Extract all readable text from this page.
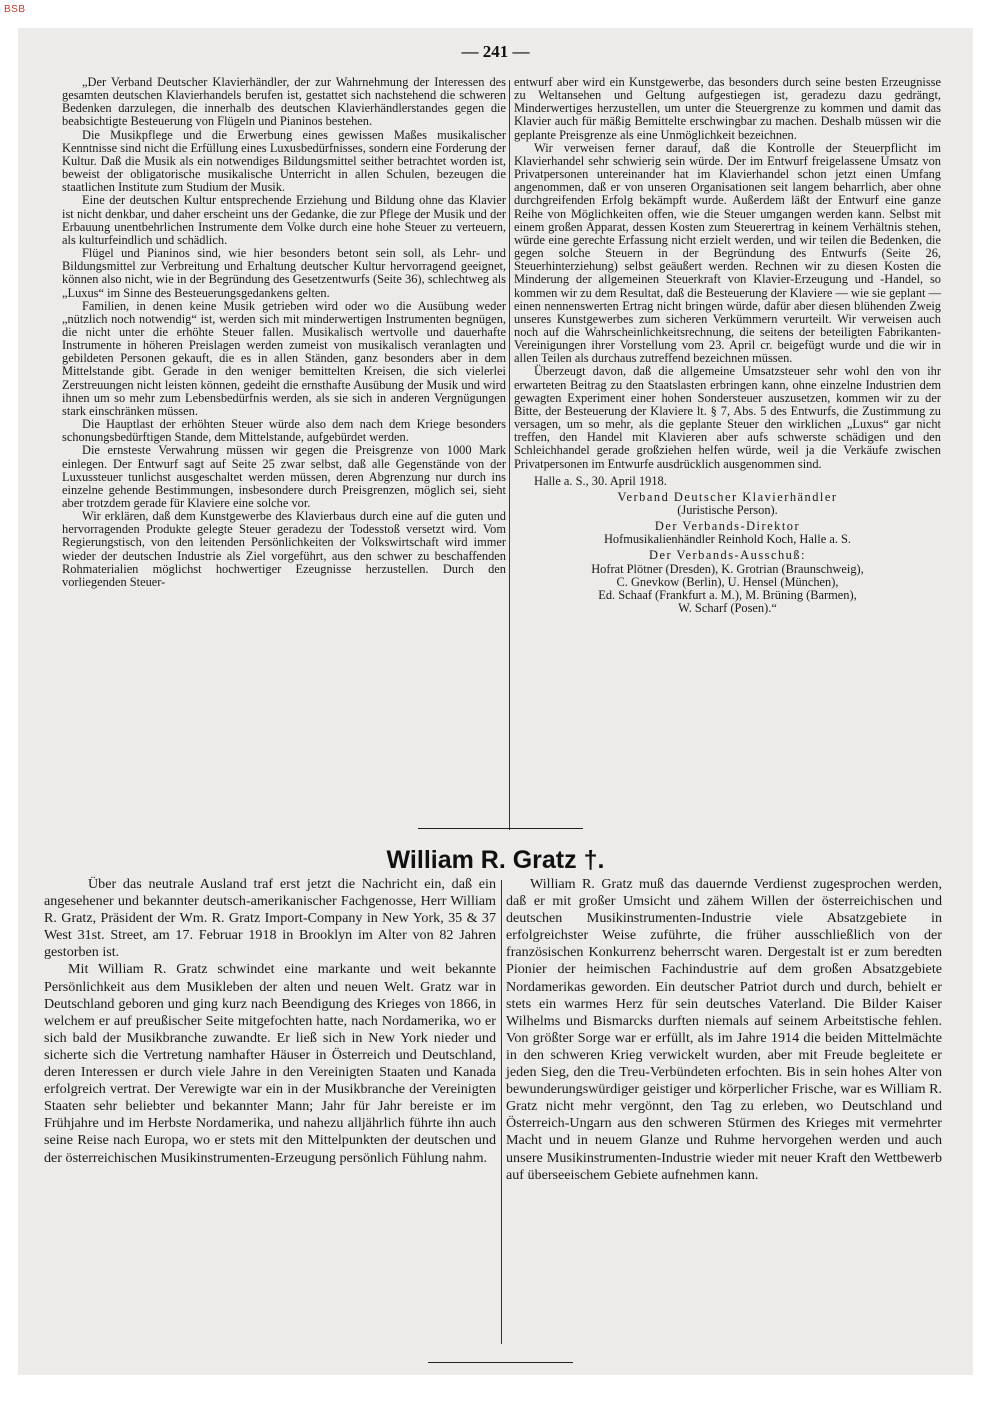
BSB
— 241 —

„Der Verband Deutscher Klavierhändler, der zur Wahrnehmung der Interessen des gesamten deutschen Klavierhandels berufen ist, gestattet sich nachstehend die schweren Bedenken darzulegen, die innerhalb des deutschen Klavierhändlerstandes gegen die beabsichtigte Besteuerung von Flügeln und Pianinos bestehen.

Die Musikpflege und die Erwerbung eines gewissen Maßes musikalischer Kenntnisse sind nicht die Erfüllung eines Luxusbedürfnisses, sondern eine Forderung der Kultur. Daß die Musik als ein notwendiges Bildungsmittel seither betrachtet worden ist, beweist der obligatorische musikalische Unterricht in allen Schulen, bezeugen die staatlichen Institute zum Studium der Musik.

Eine der deutschen Kultur entsprechende Erziehung und Bildung ohne das Klavier ist nicht denkbar, und daher erscheint uns der Gedanke, die zur Pflege der Musik und der Erbauung unentbehrlichen Instrumente dem Volke durch eine hohe Steuer zu verteuern, als kulturfeindlich und schädlich.

Flügel und Pianinos sind, wie hier besonders betont sein soll, als Lehr- und Bildungsmittel zur Verbreitung und Erhaltung deutscher Kultur hervorragend geeignet, können also nicht, wie in der Begründung des Gesetzentwurfs (Seite 36), schlechtweg als „Luxus“ im Sinne des Besteuerungsgedankens gelten.

Familien, in denen keine Musik getrieben wird oder wo die Ausübung weder „nützlich noch notwendig“ ist, werden sich mit minderwertigen Instrumenten begnügen, die nicht unter die erhöhte Steuer fallen. Musikalisch wertvolle und dauerhafte Instrumente in höheren Preislagen werden zumeist von musikalisch veranlagten und gebildeten Personen gekauft, die es in allen Ständen, ganz besonders aber in dem Mittelstande gibt. Gerade in den weniger bemittelten Kreisen, die sich vielerlei Zerstreuungen nicht leisten können, gedeiht die ernsthafte Ausübung der Musik und wird ihnen um so mehr zum Lebensbedürfnis werden, als sie sich in anderen Vergnügungen stark einschränken müssen.

Die Hauptlast der erhöhten Steuer würde also dem nach dem Kriege besonders schonungsbedürftigen Stande, dem Mittelstande, aufgebürdet werden.

Die ernsteste Verwahrung müssen wir gegen die Preisgrenze von 1000 Mark einlegen. Der Entwurf sagt auf Seite 25 zwar selbst, daß alle Gegenstände von der Luxussteuer tunlichst ausgeschaltet werden müssen, deren Abgrenzung nur durch ins einzelne gehende Bestimmungen, insbesondere durch Preisgrenzen, möglich sei, sieht aber trotzdem gerade für Klaviere eine solche vor.

Wir erklären, daß dem Kunstgewerbe des Klavierbaus durch eine auf die guten und hervorragenden Produkte gelegte Steuer geradezu der Todesstoß versetzt wird. Vom Regierungstisch, von den leitenden Persönlichkeiten der Volkswirtschaft wird immer wieder der deutschen Industrie als Ziel vorgeführt, aus den schwer zu beschaffenden Rohmaterialien möglichst hochwertiger Ezeugnisse herzustellen. Durch den vorliegenden Steuer-

entwurf aber wird ein Kunstgewerbe, das besonders durch seine besten Erzeugnisse zu Weltansehen und Geltung aufgestiegen ist, geradezu dazu gedrängt, Minderwertiges herzustellen, um unter die Steuergrenze zu kommen und damit das Klavier auch für mäßig Bemittelte erschwingbar zu machen. Deshalb müssen wir die geplante Preisgrenze als eine Unmöglichkeit bezeichnen.

Wir verweisen ferner darauf, daß die Kontrolle der Steuerpflicht im Klavierhandel sehr schwierig sein würde. Der im Entwurf freigelassene Umsatz von Privatpersonen untereinander hat im Klavierhandel schon jetzt einen Umfang angenommen, daß er von unseren Organisationen seit langem beharrlich, aber ohne durchgreifenden Erfolg bekämpft wurde. Außerdem läßt der Entwurf eine ganze Reihe von Möglichkeiten offen, wie die Steuer umgangen werden kann. Selbst mit einem großen Apparat, dessen Kosten zum Steuerertrag in keinem Verhältnis stehen, würde eine gerechte Erfassung nicht erzielt werden, und wir teilen die Bedenken, die gegen solche Steuern in der Begründung des Entwurfs (Seite 26, Steuerhinterziehung) selbst geäußert werden. Rechnen wir zu diesen Kosten die Minderung der allgemeinen Steuerkraft von Klavier-Erzeugung und -Handel, so kommen wir zu dem Resultat, daß die Besteuerung der Klaviere — wie sie geplant — einen nennenswerten Ertrag nicht bringen würde, dafür aber diesen blühenden Zweig unseres Kunstgewerbes zum sicheren Verkümmern verurteilt. Wir verweisen auch noch auf die Wahrscheinlichkeitsrechnung, die seitens der beteiligten Fabrikanten-Vereinigungen ihrer Vorstellung vom 23. April cr. beigefügt wurde und die wir in allen Teilen als durchaus zutreffend bezeichnen müssen.

Überzeugt davon, daß die allgemeine Umsatzsteuer sehr wohl den von ihr erwarteten Beitrag zu den Staatslasten erbringen kann, ohne einzelne Industrien dem gewagten Experiment einer hohen Sondersteuer auszusetzen, kommen wir zu der Bitte, der Besteuerung der Klaviere lt. § 7, Abs. 5 des Entwurfs, die Zustimmung zu versagen, um so mehr, als die geplante Steuer den wirklichen „Luxus“ gar nicht treffen, den Handel mit Klavieren aber aufs schwerste schädigen und den Schleichhandel gerade großziehen helfen würde, weil ja die Verkäufe zwischen Privatpersonen im Entwurfe ausdrücklich ausgenommen sind.

Halle a. S., 30. April 1918.

Verband Deutscher Klavierhändler

(Juristische Person).

Der Verbands-Direktor

Hofmusikalienhändler Reinhold Koch, Halle a. S.

Der Verbands-Ausschuß:

Hofrat Plötner (Dresden), K. Grotrian (Braunschweig),

C. Gnevkow (Berlin), U. Hensel (München),

Ed. Schaaf (Frankfurt a. M.), M. Brüning (Barmen),

W. Scharf (Posen).“

William R. Gratz †.

Über das neutrale Ausland traf erst jetzt die Nachricht ein, daß ein angesehener und bekannter deutsch-amerikanischer Fachgenosse, Herr William R. Gratz, Präsident der Wm. R. Gratz Import-Company in New York, 35 & 37 West 31st. Street, am 17. Februar 1918 in Brooklyn im Alter von 82 Jahren gestorben ist.

Mit William R. Gratz schwindet eine markante und weit bekannte Persönlichkeit aus dem Musikleben der alten und neuen Welt. Gratz war in Deutschland geboren und ging kurz nach Beendigung des Krieges von 1866, in welchem er auf preußischer Seite mitgefochten hatte, nach Nordamerika, wo er sich bald der Musikbranche zuwandte. Er ließ sich in New York nieder und sicherte sich die Vertretung namhafter Häuser in Österreich und Deutschland, deren Interessen er durch viele Jahre in den Vereinigten Staaten und Kanada erfolgreich vertrat. Der Verewigte war ein in der Musikbranche der Vereinigten Staaten sehr beliebter und bekannter Mann; Jahr für Jahr bereiste er im Frühjahre und im Herbste Nordamerika, und nahezu alljährlich führte ihn auch seine Reise nach Europa, wo er stets mit den Mittelpunkten der deutschen und der österreichischen Musikinstrumenten-Erzeugung persönlich Fühlung nahm.

William R. Gratz muß das dauernde Verdienst zugesprochen werden, daß er mit großer Umsicht und zähem Willen der österreichischen und deutschen Musikinstrumenten-Industrie viele Absatzgebiete in erfolgreichster Weise zuführte, die früher ausschließlich von der französischen Konkurrenz beherrscht waren. Dergestalt ist er zum beredten Pionier der heimischen Fachindustrie auf dem großen Absatzgebiete Nordamerikas geworden. Ein deutscher Patriot durch und durch, behielt er stets ein warmes Herz für sein deutsches Vaterland. Die Bilder Kaiser Wilhelms und Bismarcks durften niemals auf seinem Arbeitstische fehlen. Von größter Sorge war er erfüllt, als im Jahre 1914 die beiden Mittelmächte in den schweren Krieg verwickelt wurden, aber mit Freude begleitete er jeden Sieg, den die Treu-Verbündeten erfochten. Bis in sein hohes Alter von bewunderungswürdiger geistiger und körperlicher Frische, war es William R. Gratz nicht mehr vergönnt, den Tag zu erleben, wo Deutschland und Österreich-Ungarn aus den schweren Stürmen des Krieges mit vermehrter Macht und in neuem Glanze und Ruhme hervorgehen werden und auch unsere Musikinstrumenten-Industrie wieder mit neuer Kraft den Wettbewerb auf überseeischem Gebiete aufnehmen kann.
